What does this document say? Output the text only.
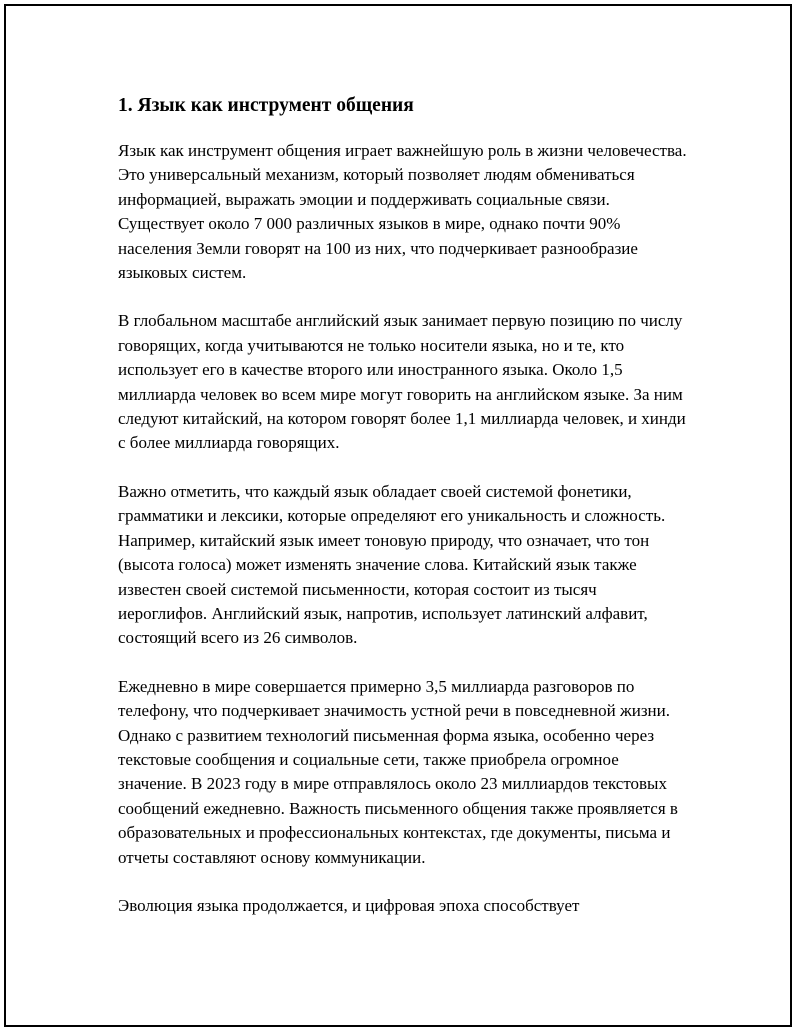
1. Язык как инструмент общения

Язык как инструмент общения играет важнейшую роль в жизни человечества. Это универсальный механизм, который позволяет людям обмениваться информацией, выражать эмоции и поддерживать социальные связи. Существует около 7 000 различных языков в мире, однако почти 90% населения Земли говорят на 100 из них, что подчеркивает разнообразие языковых систем.

В глобальном масштабе английский язык занимает первую позицию по числу говорящих, когда учитываются не только носители языка, но и те, кто использует его в качестве второго или иностранного языка. Около 1,5 миллиарда человек во всем мире могут говорить на английском языке. За ним следуют китайский, на котором говорят более 1,1 миллиарда человек, и хинди с более миллиарда говорящих.

Важно отметить, что каждый язык обладает своей системой фонетики, грамматики и лексики, которые определяют его уникальность и сложность. Например, китайский язык имеет тоновую природу, что означает, что тон (высота голоса) может изменять значение слова. Китайский язык также известен своей системой письменности, которая состоит из тысяч иероглифов. Английский язык, напротив, использует латинский алфавит, состоящий всего из 26 символов.

Ежедневно в мире совершается примерно 3,5 миллиарда разговоров по телефону, что подчеркивает значимость устной речи в повседневной жизни. Однако с развитием технологий письменная форма языка, особенно через текстовые сообщения и социальные сети, также приобрела огромное значение. В 2023 году в мире отправлялось около 23 миллиардов текстовых сообщений ежедневно. Важность письменного общения также проявляется в образовательных и профессиональных контекстах, где документы, письма и отчеты составляют основу коммуникации.

Эволюция языка продолжается, и цифровая эпоха способствует
